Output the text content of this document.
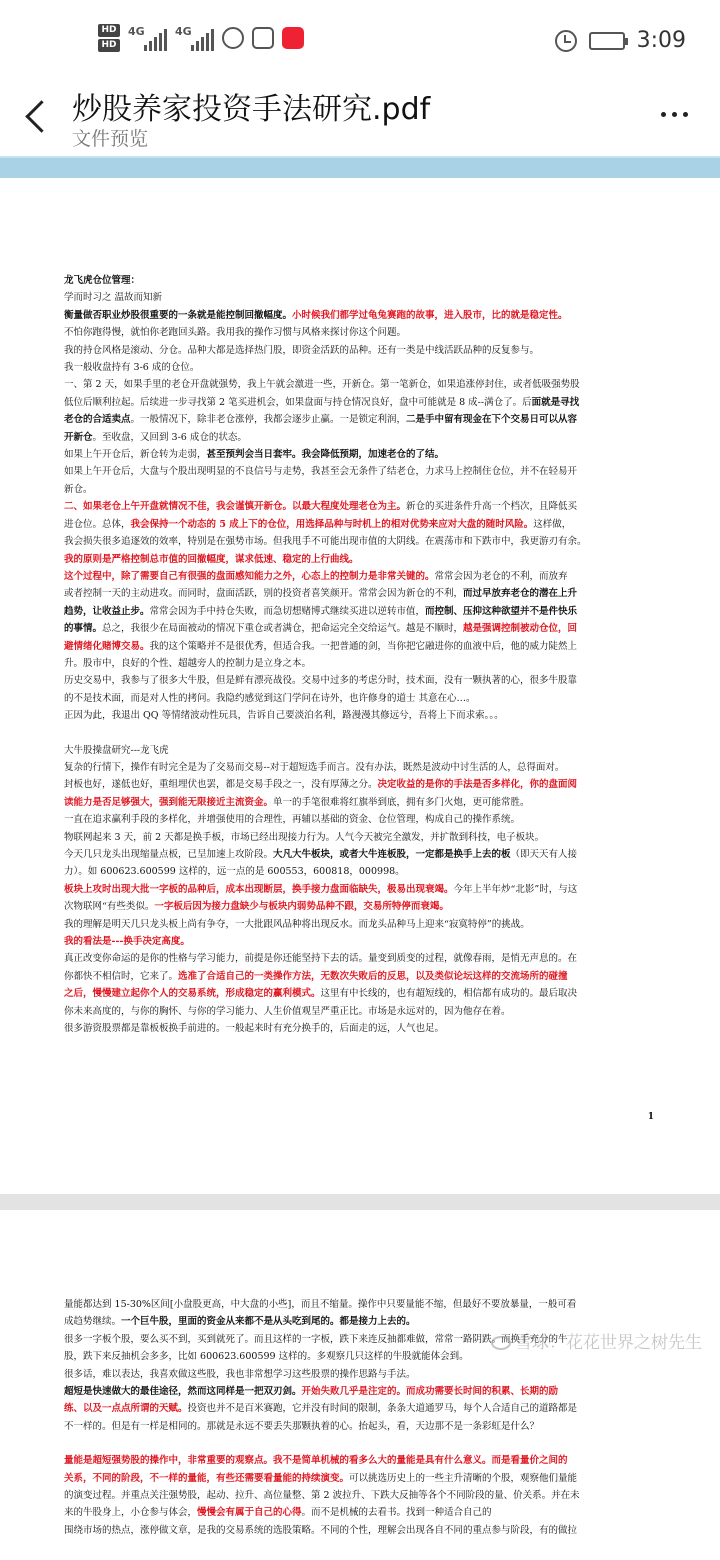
HD
HD
4G	4G	3:09
炒股养家投资手法研究.pdf
文件预览

龙飞虎仓位管理：

学而时习之 温故而知新

衡量做否职业炒股很重要的一条就是能控制回撤幅度。小时候我们都学过龟兔赛跑的故事，进入股市，比的就是稳定性。

不怕你跑得慢，就怕你老跑回头路。我用我的操作习惯与风格来探讨你这个问题。

我的持仓风格是滚动、分仓。品种大都是选择热门股，即资金活跃的品种。还有一类是中线活跃品种的反复参与。

我一般收盘持有 3-6 成的仓位。

一、第 2 天，如果手里的老仓开盘就强势，我上午就会激进一些，开新仓。第一笔新仓，如果追涨停封住，或者低吸强势股

低位后顺利拉起。后续进一步寻找第 2 笔买进机会，如果盘面与持仓情况良好，盘中可能就是 8 成--满仓了。后面就是寻找

老仓的合适卖点。一般情况下，除非老仓涨停，我都会逐步止赢。一是锁定利润，二是手中留有现金在下个交易日可以从容

开新仓。至收盘，又回到 3-6 成仓的状态。

如果上午开仓后，新仓转为走弱，甚至预判会当日套牢。我会降低预期，加速老仓的了结。

如果上午开仓后，大盘与个股出现明显的不良信号与走势，我甚至会无条件了结老仓，力求马上控制住仓位，并不在轻易开

新仓。

二、如果老仓上午开盘就情况不佳，我会谨慎开新仓。以最大程度处理老仓为主。新仓的买进条件升高一个档次，且降低买

进仓位。总体，我会保持一个动态的 5 成上下的仓位，用选择品种与时机上的相对优势来应对大盘的随时风险。这样做，

我会损失很多追逐效的效率，特别是在强势市场。但我甩手不可能出现市值的大阴线。在震荡市和下跌市中，我更游刃有余。

我的原则是严格控制总市值的回撤幅度，谋求低速、稳定的上行曲线。

这个过程中，除了需要自己有很强的盘面感知能力之外，心态上的控制力是非常关键的。常常会因为老仓的不利，而放弃

或者控制一天的主动进攻。而同时，盘面活跃，别的投资者喜笑颜开。常常会因为新仓的不利，而过早放弃老仓的潜在上升

趋势，让收益止步。常常会因为手中持仓失败，而急切想赌博式继续买进以逆转市值，而控制、压抑这种欲望并不是件快乐

的事情。总之，我很少在局面被动的情况下重仓或者满仓，把命运完全交给运气。越是不顺时，越是强调控制被动仓位，回

避情绪化赌博交易。我的这个策略并不是很优秀，但适合我。一把普通的剑，当你把它融进你的血液中后，他的威力陡然上

升。股市中，良好的个性、超越旁人的控制力是立身之本。

历史交易中，我参与了很多大牛股，但是鲜有漂亮战役。交易中过多的考虑分时，技术面，没有一颗执著的心，很多牛股靠

的不是技术面，而是对人性的拷问。我隐约感觉到这门学问在诗外，也许修身的道士 其意在心…。

正因为此，我退出 QQ 等情绪波动性玩具，告诉自己要淡泊名利，路漫漫其修远兮，吾将上下而求索。。。

大牛股操盘研究---龙飞虎

复杂的行情下，操作有时完全是为了交易而交易--对于超短选手而言。没有办法，既然是波动中讨生活的人，总得面对。

封板也好，遂低也好，重组埋伏也罢，都是交易手段之一，没有厚薄之分。决定收益的是你的手法是否多样化，你的盘面阅

读能力是否足够强大，强到能无限接近主流资金。单一的手笔很难将红旗举到底，拥有多门火炮，更可能常胜。

一直在追求赢利手段的多样化，并增强使用的合理性，再辅以基础的资金、仓位管理，构成自己的操作系统。

物联网起来 3 天，前 2 天都是换手板，市场已经出现接力行为。人气今天被完全激发，并扩散到科技，电子板块。

今天几只龙头出现缩量点板，已呈加速上攻阶段。大凡大牛板块，或者大牛连板股，一定都是换手上去的板（即天天有人接

力）。如 600623.600599 这样的，远一点的是 600553，600818，000998。

板块上攻时出现大批一字板的品种后，成本出现断层，换手接力盘面临缺失，极易出现衰竭。今年上半年炒“北影”时，与这

次物联网“有些类似。一字板后因为接力盘缺少与板块内弱势品种不跟，交易所特停而衰竭。

我的理解是明天几只龙头板上尚有争夺，一大批跟风品种将出现反水。而龙头品种马上迎来“寂寞特停”的挑战。

我的看法是---换手决定高度。

真正改变你命运的是你的性格与学习能力，前提是你还能坚持下去的话。量变到质变的过程，就像春雨，是悄无声息的。在

你都快不相信时，它来了。选准了合适自己的一类操作方法，无数次失败后的反思，以及类似论坛这样的交流场所的碰撞

之后，慢慢建立起你个人的交易系统，形成稳定的赢利模式。这里有中长线的，也有超短线的，相信都有成功的。最后取决

你未来高度的，与你的胸怀、与你的学习能力、人生价值观呈严重正比。市场是永远对的，因为他存在着。

很多游资股票都是靠板板换手前进的。一般起来时有充分换手的，后面走的远，人气也足。

1

量能都达到 15-30%区间[小盘股更高，中大盘的小些]，而且不缩量。操作中只要量能不缩，但最好不要放暴量，一般可看

成趋势继续。一个巨牛股，里面的资金从来都不是从头吃到尾的。都是接力上去的。

很多一字板个股，要么买不到，买到就死了。而且这样的一字板，跌下来连反抽都难做，常常一路阴跌。而换手充分的牛

股，跌下来反抽机会多多，比如 600623.600599 这样的。多观察几只这样的牛股就能体会到。

很多话，难以表达，我喜欢做这些股，我也非常想学习这些股票的操作思路与手法。

超短是快速做大的最佳途径，然而这同样是一把双刃剑。开始失败几乎是注定的。而成功需要长时间的积累、长期的励

练、以及一点点所谓的天赋。投资也并不是百米赛跑，它并没有时间的限制，条条大道通罗马，每个人合适自己的道路都是

不一样的。但是有一样是相同的。那就是永远不要丢失那颗执着的心。抬起头，看，天边那不是一条彩虹是什么？

量能是超短强势股的操作中，非常重要的观察点。我不是简单机械的看多么大的量能是具有什么意义。而是看量价之间的

关系，不同的阶段，不一样的量能，有些还需要看量能的持续演变。可以挑选历史上的一些主升清晰的个股，观察他们量能

的演变过程。并重点关注强势股，起动、拉升、高位量整、第 2 波拉升、下跌大反抽等各个不同阶段的量、价关系。并在未

来的牛股身上，小仓参与体会，慢慢会有属于自己的心得。而不是机械的去看书。找到一种适合自己的

围绕市场的热点，涨停做文章，是我的交易系统的选股策略。不同的个性，理解会出现各自不同的重点参与阶段，有的做拉

雪球：花花世界之树先生
